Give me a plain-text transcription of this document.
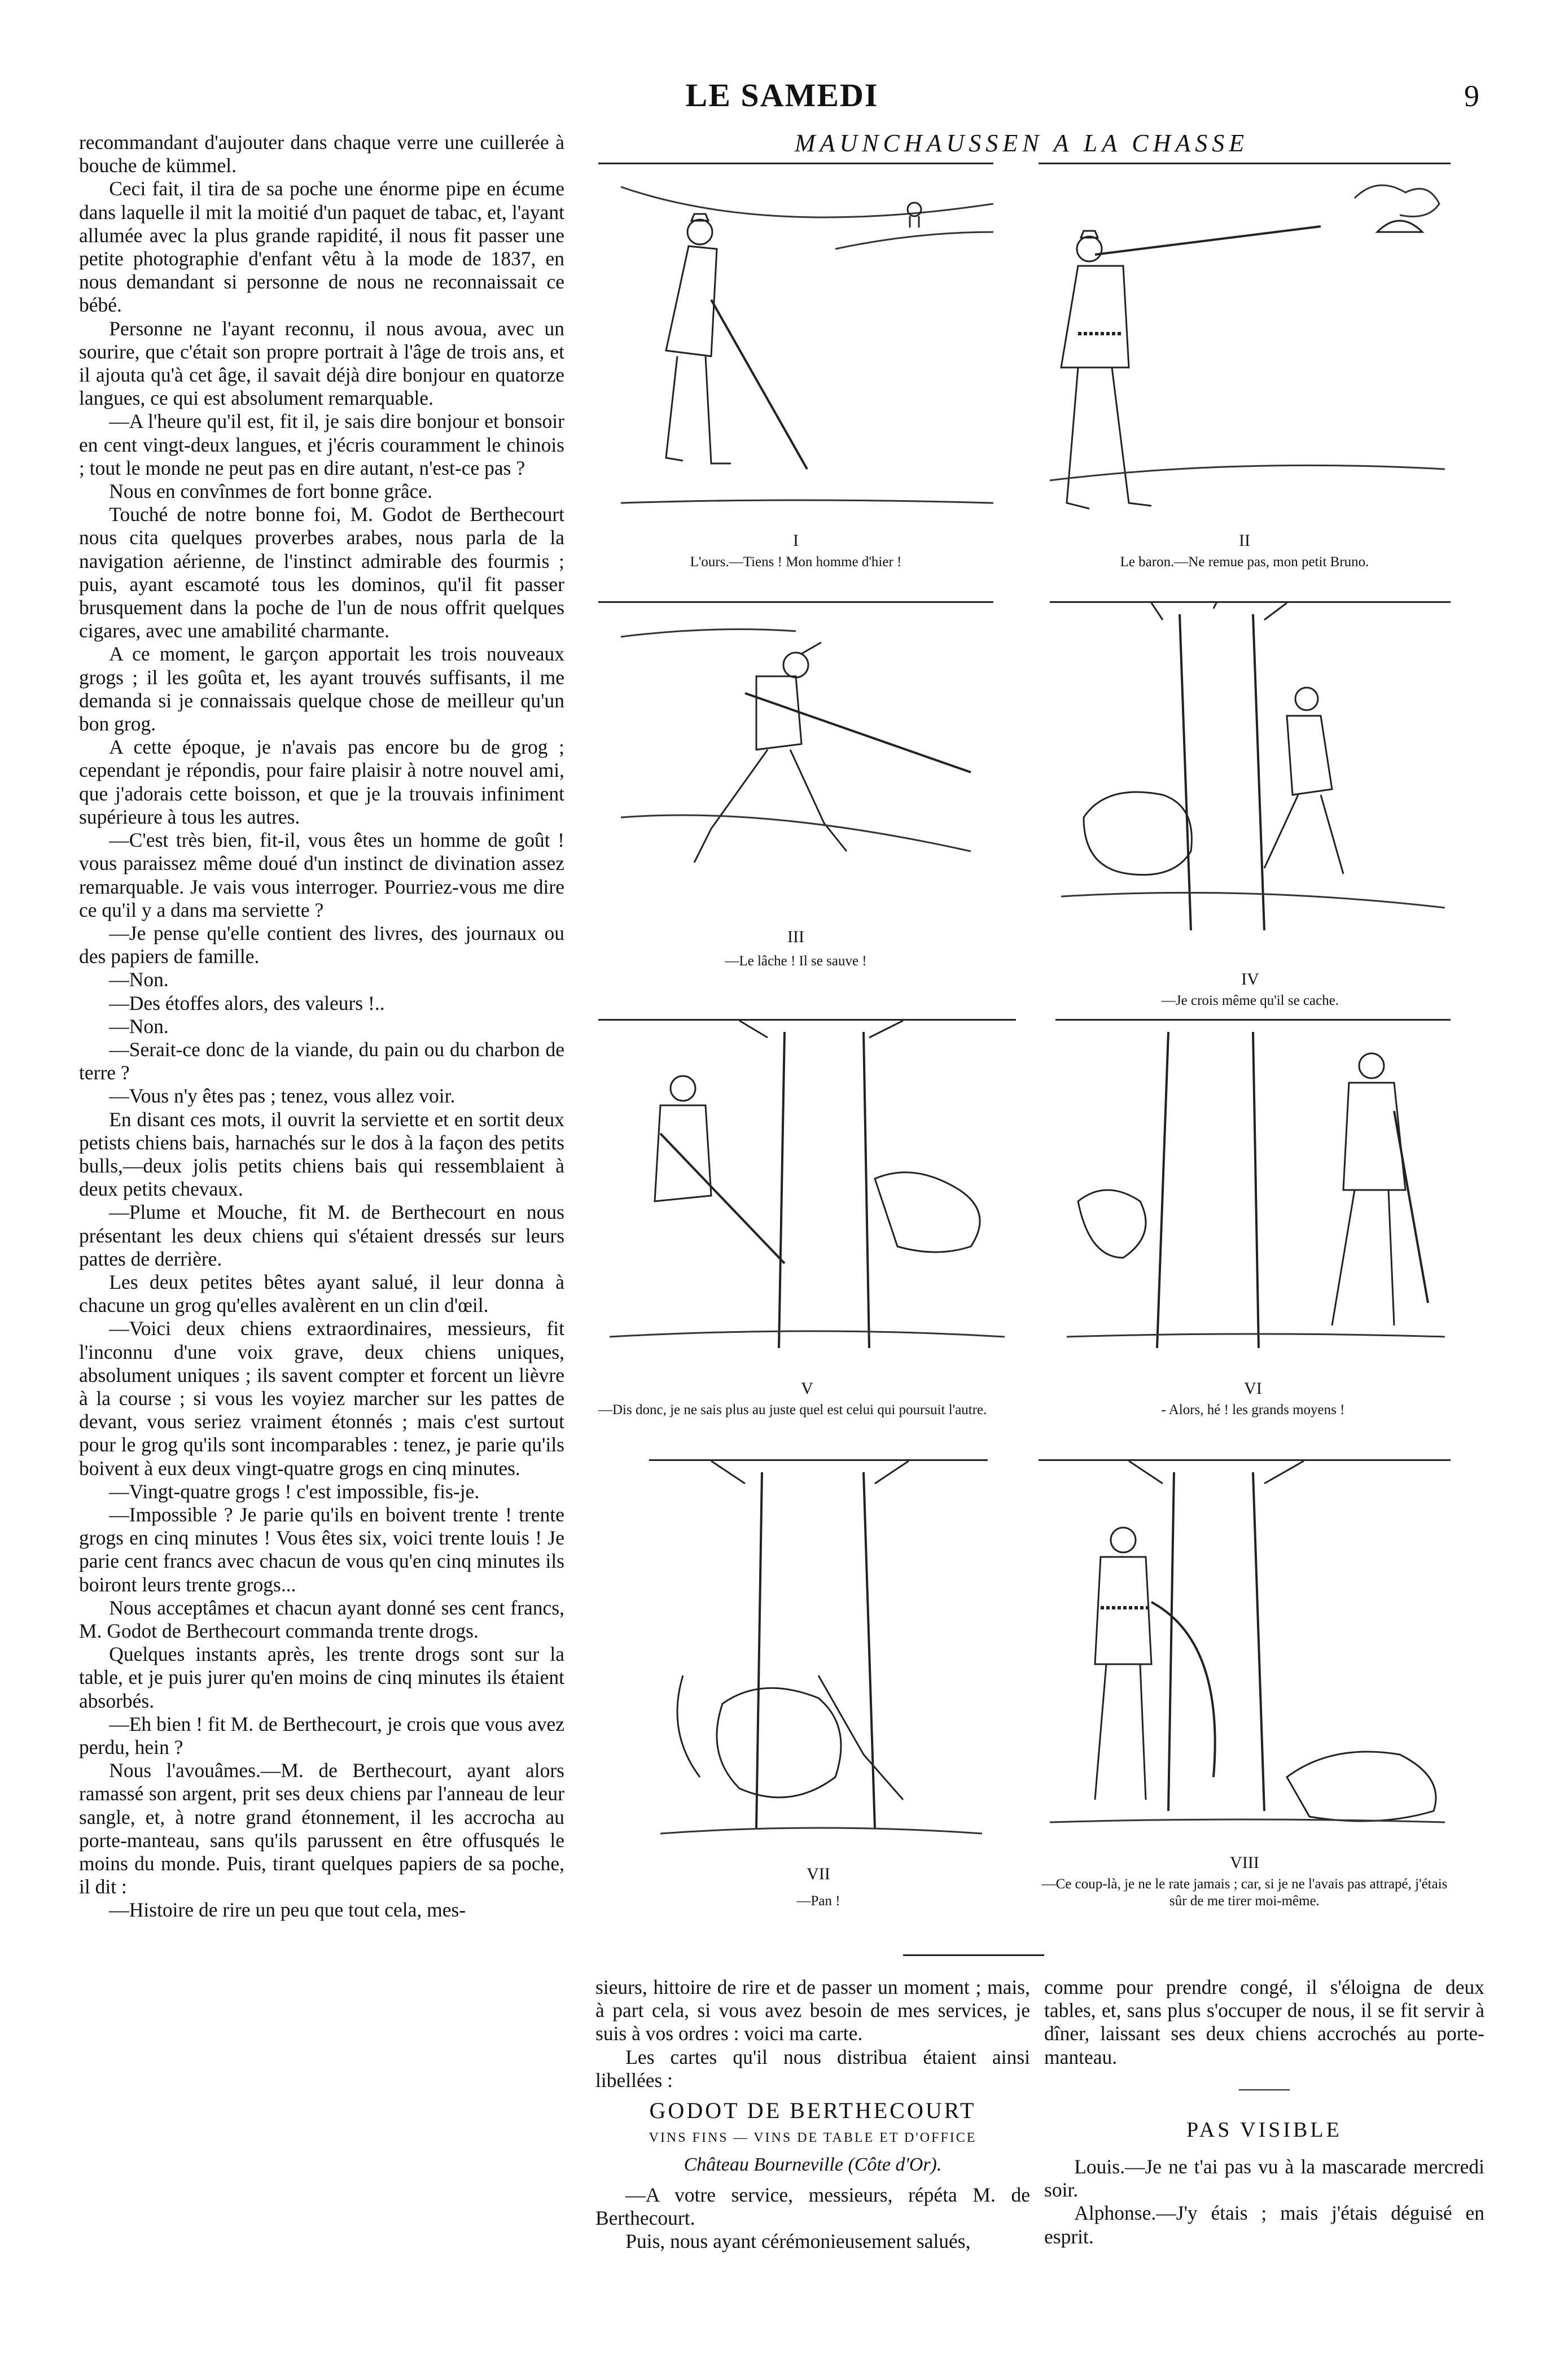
LE SAMEDI	9

recommandant d'aujouter dans chaque verre une cuillerée à bouche de kümmel.

Ceci fait, il tira de sa poche une énorme pipe en écume dans laquelle il mit la moitié d'un paquet de tabac, et, l'ayant allumée avec la plus grande rapidité, il nous fit passer une petite photographie d'enfant vêtu à la mode de 1837, en nous demandant si personne de nous ne reconnaissait ce bébé.

Personne ne l'ayant reconnu, il nous avoua, avec un sourire, que c'était son propre portrait à l'âge de trois ans, et il ajouta qu'à cet âge, il savait déjà dire bonjour en quatorze langues, ce qui est absolument remarquable.

—A l'heure qu'il est, fit il, je sais dire bonjour et bonsoir en cent vingt-deux langues, et j'écris couramment le chinois ; tout le monde ne peut pas en dire autant, n'est-ce pas ?

Nous en convînmes de fort bonne grâce.

Touché de notre bonne foi, M. Godot de Berthecourt nous cita quelques proverbes arabes, nous parla de la navigation aérienne, de l'instinct admirable des fourmis ; puis, ayant escamoté tous les dominos, qu'il fit passer brusquement dans la poche de l'un de nous offrit quelques cigares, avec une amabilité charmante.

A ce moment, le garçon apportait les trois nouveaux grogs ; il les goûta et, les ayant trouvés suffisants, il me demanda si je connaissais quelque chose de meilleur qu'un bon grog.

A cette époque, je n'avais pas encore bu de grog ; cependant je répondis, pour faire plaisir à notre nouvel ami, que j'adorais cette boisson, et que je la trouvais infiniment supérieure à tous les autres.

—C'est très bien, fit-il, vous êtes un homme de goût ! vous paraissez même doué d'un instinct de divination assez remarquable. Je vais vous interroger. Pourriez-vous me dire ce qu'il y a dans ma serviette ?

—Je pense qu'elle contient des livres, des journaux ou des papiers de famille.

—Non.

—Des étoffes alors, des valeurs !..

—Non.

—Serait-ce donc de la viande, du pain ou du charbon de terre ?

—Vous n'y êtes pas ; tenez, vous allez voir.

En disant ces mots, il ouvrit la serviette et en sortit deux petists chiens bais, harnachés sur le dos à la façon des petits bulls,—deux jolis petits chiens bais qui ressemblaient à deux petits chevaux.

—Plume et Mouche, fit M. de Berthecourt en nous présentant les deux chiens qui s'étaient dressés sur leurs pattes de derrière.

Les deux petites bêtes ayant salué, il leur donna à chacune un grog qu'elles avalèrent en un clin d'œil.

—Voici deux chiens extraordinaires, messieurs, fit l'inconnu d'une voix grave, deux chiens uniques, absolument uniques ; ils savent compter et forcent un lièvre à la course ; si vous les voyiez marcher sur les pattes de devant, vous seriez vraiment étonnés ; mais c'est surtout pour le grog qu'ils sont incomparables : tenez, je parie qu'ils boivent à eux deux vingt-quatre grogs en cinq minutes.

—Vingt-quatre grogs ! c'est impossible, fis-je.

—Impossible ? Je parie qu'ils en boivent trente ! trente grogs en cinq minutes ! Vous êtes six, voici trente louis ! Je parie cent francs avec chacun de vous qu'en cinq minutes ils boiront leurs trente grogs...

Nous acceptâmes et chacun ayant donné ses cent francs, M. Godot de Berthecourt commanda trente drogs.

Quelques instants après, les trente drogs sont sur la table, et je puis jurer qu'en moins de cinq minutes ils étaient absorbés.

—Eh bien ! fit M. de Berthecourt, je crois que vous avez perdu, hein ?

Nous l'avouâmes.—M. de Berthecourt, ayant alors ramassé son argent, prit ses deux chiens par l'anneau de leur sangle, et, à notre grand étonnement, il les accrocha au porte-manteau, sans qu'ils parussent en être offusqués le moins du monde. Puis, tirant quelques papiers de sa poche, il dit :

—Histoire de rire un peu que tout cela, mes-

MAUNCHAUSSEN A LA CHASSE
I
L'ours.—Tiens ! Mon homme d'hier !
II
Le baron.—Ne remue pas, mon petit Bruno.
III
—Le lâche ! Il se sauve !
IV
—Je crois même qu'il se cache.
V
—Dis donc, je ne sais plus au juste quel est celui qui poursuit l'autre.
VI
- Alors, hé ! les grands moyens !
VII
—Pan !
VIII
—Ce coup-là, je ne le rate jamais ; car, si je ne l'avais pas attrapé, j'étais sûr de me tirer moi-même.

sieurs, hittoire de rire et de passer un moment ; mais, à part cela, si vous avez besoin de mes services, je suis à vos ordres : voici ma carte.

Les cartes qu'il nous distribua étaient ainsi libellées :

GODOT DE BERTHECOURT
VINS FINS — VINS DE TABLE ET D'OFFICE
Château Bourneville (Côte d'Or).

—A votre service, messieurs, répéta M. de Berthecourt.

Puis, nous ayant cérémonieusement salués,

comme pour prendre congé, il s'éloigna de deux tables, et, sans plus s'occuper de nous, il se fit servir à dîner, laissant ses deux chiens accrochés au porte-manteau.

PAS VISIBLE

Louis.—Je ne t'ai pas vu à la mascarade mercredi soir.

Alphonse.—J'y étais ; mais j'étais déguisé en esprit.
